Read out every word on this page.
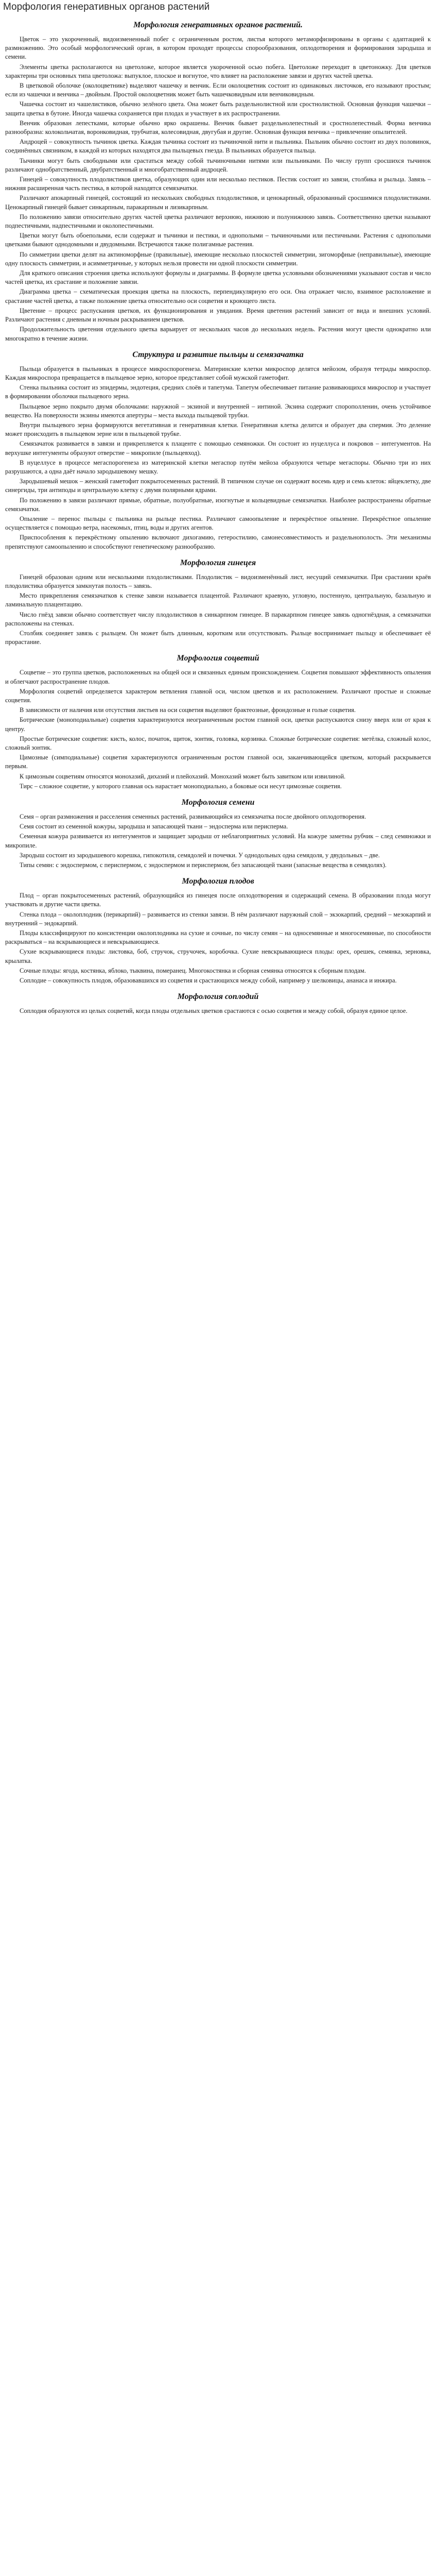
Морфология генеративных органов растений
Морфология генеративных органов растений.

Цветок – это укороченный, видоизмененный побег с ограниченным ростом, листья которого метаморфизированы в органы с адаптацией к размножению. Это особый морфологический орган, в котором проходят процессы спорообразования, оплодотворения и формирования зародыша и семени.

Элементы цветка располагаются на цветоложе, которое является укороченной осью побега. Цветоложе переходит в цветоножку. Для цветков характерны три основных типа цветоложа: выпуклое, плоское и вогнутое, что влияет на расположение завязи и других частей цветка.

В цветковой оболочке (околоцветнике) выделяют чашечку и венчик. Если околоцветник состоит из одинаковых листочков, его называют простым; если из чашечки и венчика – двойным. Простой околоцветник может быть чашечковидным или венчиковидным.

Чашечка состоит из чашелистиков, обычно зелёного цвета. Она может быть раздельнолистной или сростнолистной. Основная функция чашечки – защита цветка в бутоне. Иногда чашечка сохраняется при плодах и участвует в их распространении.

Венчик образован лепестками, которые обычно ярко окрашены. Венчик бывает раздельнолепестный и сростнолепестный. Форма венчика разнообразна: колокольчатая, воронковидная, трубчатая, колесовидная, двугубая и другие. Основная функция венчика – привлечение опылителей.

Андроцей – совокупность тычинок цветка. Каждая тычинка состоит из тычиночной нити и пыльника. Пыльник обычно состоит из двух половинок, соединённых связником, в каждой из которых находятся два пыльцевых гнезда. В пыльниках образуется пыльца.

Тычинки могут быть свободными или срастаться между собой тычиночными нитями или пыльниками. По числу групп сросшихся тычинок различают однобратственный, двубратственный и многобратственный андроцей.

Гинецей – совокупность плодолистиков цветка, образующих один или несколько пестиков. Пестик состоит из завязи, столбика и рыльца. Завязь – нижняя расширенная часть пестика, в которой находятся семязачатки.

Различают апокарпный гинецей, состоящий из нескольких свободных плодолистиков, и ценокарпный, образованный сросшимися плодолистиками. Ценокарпный гинецей бывает синкарпным, паракарпным и лизикарпным.

По положению завязи относительно других частей цветка различают верхнюю, нижнюю и полунижнюю завязь. Соответственно цветки называют подпестичными, надпестичными и околопестичными.

Цветки могут быть обоеполыми, если содержат и тычинки и пестики, и однополыми – тычиночными или пестичными. Растения с однополыми цветками бывают однодомными и двудомными. Встречаются также полигамные растения.

По симметрии цветки делят на актиноморфные (правильные), имеющие несколько плоскостей симметрии, зигоморфные (неправильные), имеющие одну плоскость симметрии, и асимметричные, у которых нельзя провести ни одной плоскости симметрии.

Для краткого описания строения цветка используют формулы и диаграммы. В формуле цветка условными обозначениями указывают состав и число частей цветка, их срастание и положение завязи.

Диаграмма цветка – схематическая проекция цветка на плоскость, перпендикулярную его оси. Она отражает число, взаимное расположение и срастание частей цветка, а также положение цветка относительно оси соцветия и кроющего листа.

Цветение – процесс распускания цветков, их функционирования и увядания. Время цветения растений зависит от вида и внешних условий. Различают растения с дневным и ночным раскрыванием цветков.

Продолжительность цветения отдельного цветка варьирует от нескольких часов до нескольких недель. Растения могут цвести однократно или многократно в течение жизни.

Структура и развитие пыльцы и семязачатка

Пыльца образуется в пыльниках в процессе микроспорогенеза. Материнские клетки микроспор делятся мейозом, образуя тетрады микроспор. Каждая микроспора превращается в пыльцевое зерно, которое представляет собой мужской гаметофит.

Стенка пыльника состоит из эпидермы, эндотеция, средних слоёв и тапетума. Тапетум обеспечивает питание развивающихся микроспор и участвует в формировании оболочки пыльцевого зерна.

Пыльцевое зерно покрыто двумя оболочками: наружной – экзиной и внутренней – интиной. Экзина содержит спорополленин, очень устойчивое вещество. На поверхности экзины имеются апертуры – места выхода пыльцевой трубки.

Внутри пыльцевого зерна формируются вегетативная и генеративная клетки. Генеративная клетка делится и образует два спермия. Это деление может происходить в пыльцевом зерне или в пыльцевой трубке.

Семязачаток развивается в завязи и прикрепляется к плаценте с помощью семяножки. Он состоит из нуцеллуса и покровов – интегументов. На верхушке интегументы образуют отверстие – микропиле (пыльцевход).

В нуцеллусе в процессе мегаспорогенеза из материнской клетки мегаспор путём мейоза образуются четыре мегаспоры. Обычно три из них разрушаются, а одна даёт начало зародышевому мешку.

Зародышевый мешок – женский гаметофит покрытосеменных растений. В типичном случае он содержит восемь ядер и семь клеток: яйцеклетку, две синергиды, три антиподы и центральную клетку с двумя полярными ядрами.

По положению в завязи различают прямые, обратные, полуобратные, изогнутые и кольцевидные семязачатки. Наиболее распространены обратные семязачатки.

Опыление – перенос пыльцы с пыльника на рыльце пестика. Различают самоопыление и перекрёстное опыление. Перекрёстное опыление осуществляется с помощью ветра, насекомых, птиц, воды и других агентов.

Приспособления к перекрёстному опылению включают дихогамию, гетеростилию, самонесовместимость и раздельнополость. Эти механизмы препятствуют самоопылению и способствуют генетическому разнообразию.

Морфология гинецея

Гинецей образован одним или несколькими плодолистиками. Плодолистик – видоизменённый лист, несущий семязачатки. При срастании краёв плодолистика образуется замкнутая полость – завязь.

Место прикрепления семязачатков к стенке завязи называется плацентой. Различают краевую, угловую, постенную, центральную, базальную и ламинальную плацентацию.

Число гнёзд завязи обычно соответствует числу плодолистиков в синкарпном гинецее. В паракарпном гинецее завязь одногнёздная, а семязачатки расположены на стенках.

Столбик соединяет завязь с рыльцем. Он может быть длинным, коротким или отсутствовать. Рыльце воспринимает пыльцу и обеспечивает её прорастание.

Морфология соцветий

Соцветие – это группа цветков, расположенных на общей оси и связанных единым происхождением. Соцветия повышают эффективность опыления и облегчают распространение плодов.

Морфология соцветий определяется характером ветвления главной оси, числом цветков и их расположением. Различают простые и сложные соцветия.

В зависимости от наличия или отсутствия листьев на оси соцветия выделяют брактеозные, фрондозные и голые соцветия.

Ботрические (моноподиальные) соцветия характеризуются неограниченным ростом главной оси, цветки распускаются снизу вверх или от края к центру.

Простые ботрические соцветия: кисть, колос, початок, щиток, зонтик, головка, корзинка. Сложные ботрические соцветия: метёлка, сложный колос, сложный зонтик.

Цимозные (симподиальные) соцветия характеризуются ограниченным ростом главной оси, заканчивающейся цветком, который раскрывается первым.

К цимозным соцветиям относятся монохазий, дихазий и плейохазий. Монохазий может быть завитком или извилиной.

Тирс – сложное соцветие, у которого главная ось нарастает моноподиально, а боковые оси несут цимозные соцветия.

Морфология семени

Семя – орган размножения и расселения семенных растений, развивающийся из семязачатка после двойного оплодотворения.

Семя состоит из семенной кожуры, зародыша и запасающей ткани – эндосперма или перисперма.

Семенная кожура развивается из интегументов и защищает зародыш от неблагоприятных условий. На кожуре заметны рубчик – след семяножки и микропиле.

Зародыш состоит из зародышевого корешка, гипокотиля, семядолей и почечки. У однодольных одна семядоля, у двудольных – две.

Типы семян: с эндоспермом, с периспермом, с эндоспермом и периспермом, без запасающей ткани (запасные вещества в семядолях).

Морфология плодов

Плод – орган покрытосеменных растений, образующийся из гинецея после оплодотворения и содержащий семена. В образовании плода могут участвовать и другие части цветка.

Стенка плода – околоплодник (перикарпий) – развивается из стенки завязи. В нём различают наружный слой – экзокарпий, средний – мезокарпий и внутренний – эндокарпий.

Плоды классифицируют по консистенции околоплодника на сухие и сочные, по числу семян – на односемянные и многосемянные, по способности раскрываться – на вскрывающиеся и невскрывающиеся.

Сухие вскрывающиеся плоды: листовка, боб, стручок, стручочек, коробочка. Сухие невскрывающиеся плоды: орех, орешек, семянка, зерновка, крылатка.

Сочные плоды: ягода, костянка, яблоко, тыквина, померанец. Многокостянка и сборная семянка относятся к сборным плодам.

Соплодие – совокупность плодов, образовавшихся из соцветия и срастающихся между собой, например у шелковицы, ананаса и инжира.

Морфология соплодий

Соплодия образуются из целых соцветий, когда плоды отдельных цветков срастаются с осью соцветия и между собой, образуя единое целое.
